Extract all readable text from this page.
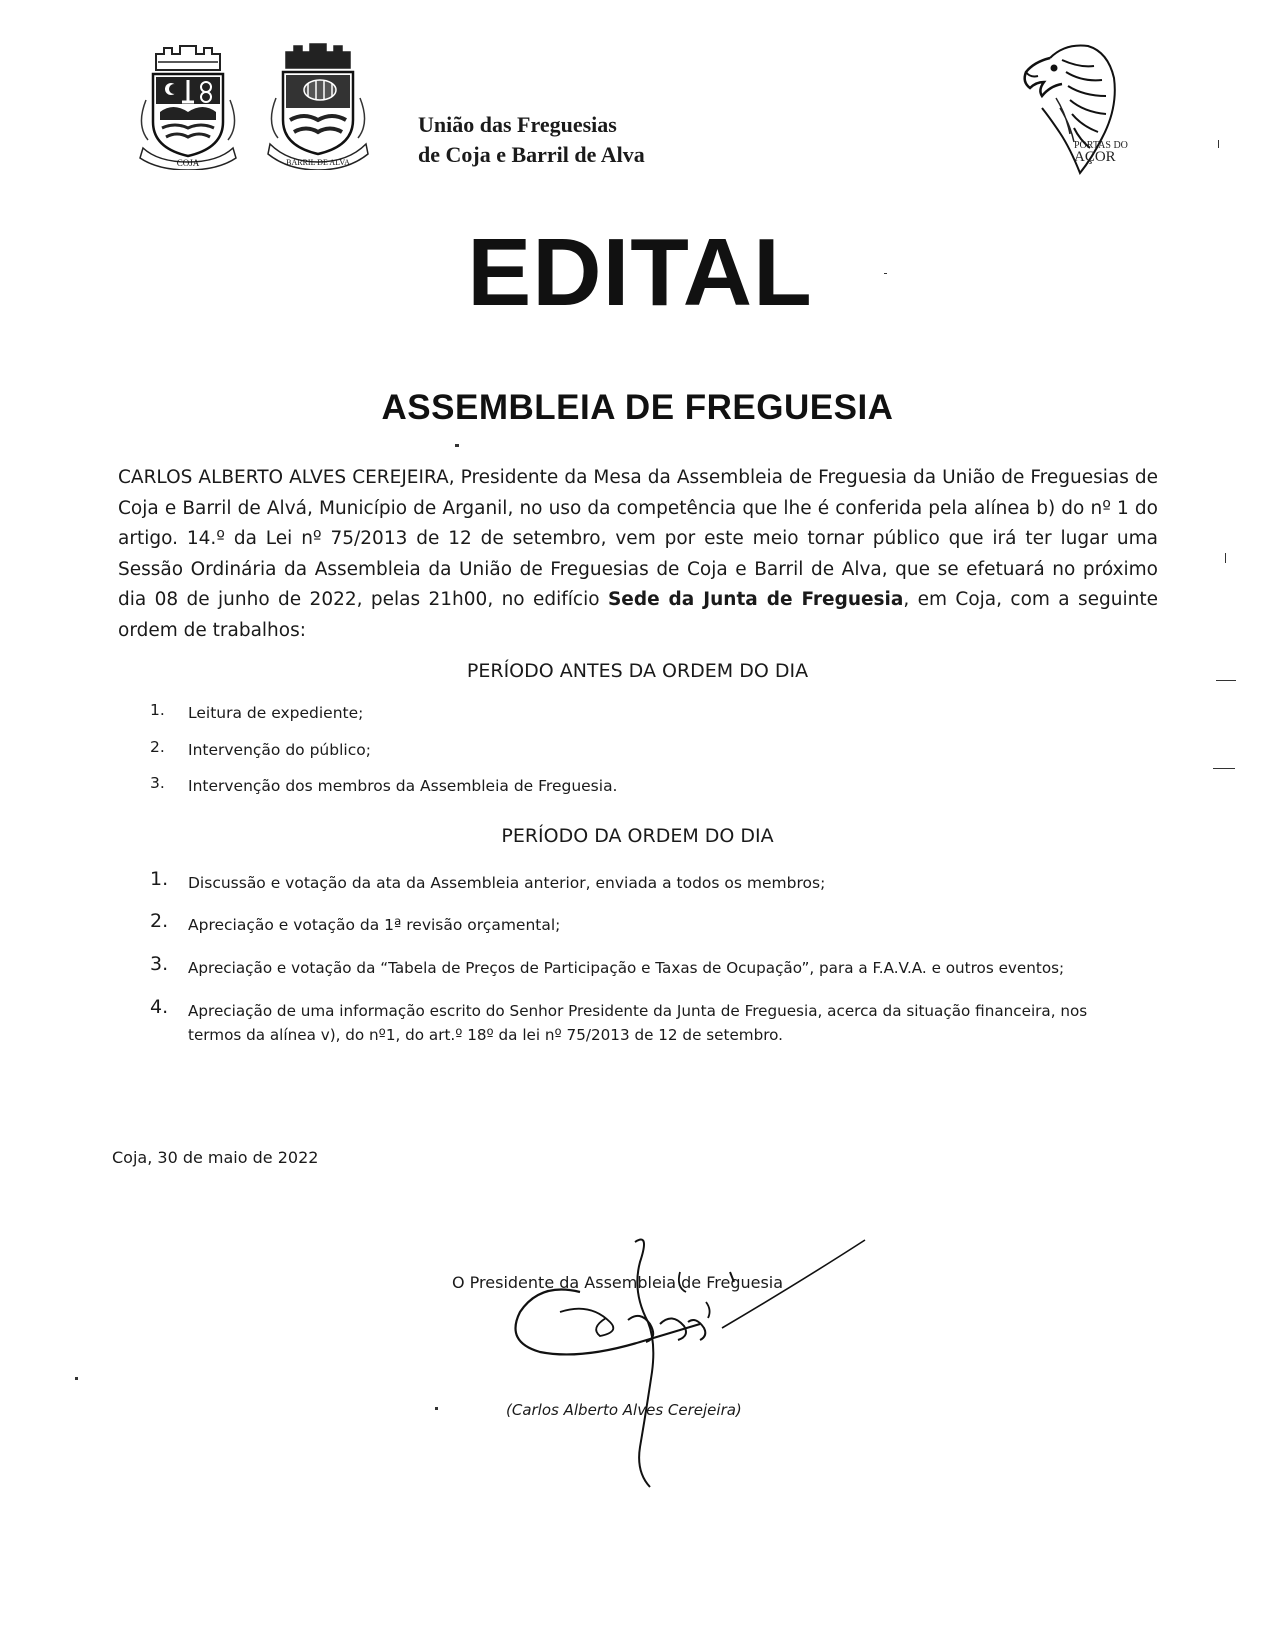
COJA	BARRIL DE ALVA
União das Freguesias
de Coja e Barril de Alva	PORTAS DO
AÇOR
EDITAL
ASSEMBLEIA DE FREGUESIA
CARLOS ALBERTO ALVES CEREJEIRA, Presidente da Mesa da Assembleia de Freguesia da União de Freguesias de Coja e Barril de Alvá, Município de Arganil, no uso da competência que lhe é conferida pela alínea b) do nº 1 do artigo. 14.º da Lei nº 75/2013 de 12 de setembro, vem por este meio tornar público que irá ter lugar uma Sessão Ordinária da Assembleia da União de Freguesias de Coja e Barril de Alva, que se efetuará no próximo dia 08 de junho de 2022, pelas 21h00, no edifício Sede da Junta de Freguesia, em Coja, com a seguinte ordem de trabalhos:
PERÍODO ANTES DA ORDEM DO DIA
1. Leitura de expediente;
2. Intervenção do público;
3. Intervenção dos membros da Assembleia de Freguesia.
PERÍODO DA ORDEM DO DIA
1. Discussão e votação da ata da Assembleia anterior, enviada a todos os membros;
2. Apreciação e votação da 1ª revisão orçamental;
3. Apreciação e votação da “Tabela de Preços de Participação e Taxas de Ocupação”, para a F.A.V.A. e outros eventos;
4. Apreciação de uma informação escrito do Senhor Presidente da Junta de Freguesia, acerca da situação financeira, nos termos da alínea v), do nº1, do art.º 18º da lei nº 75/2013 de 12 de setembro.
Coja, 30 de maio de 2022
O Presidente da Assembleia de Freguesia
(Carlos Alberto Alves Cerejeira)
